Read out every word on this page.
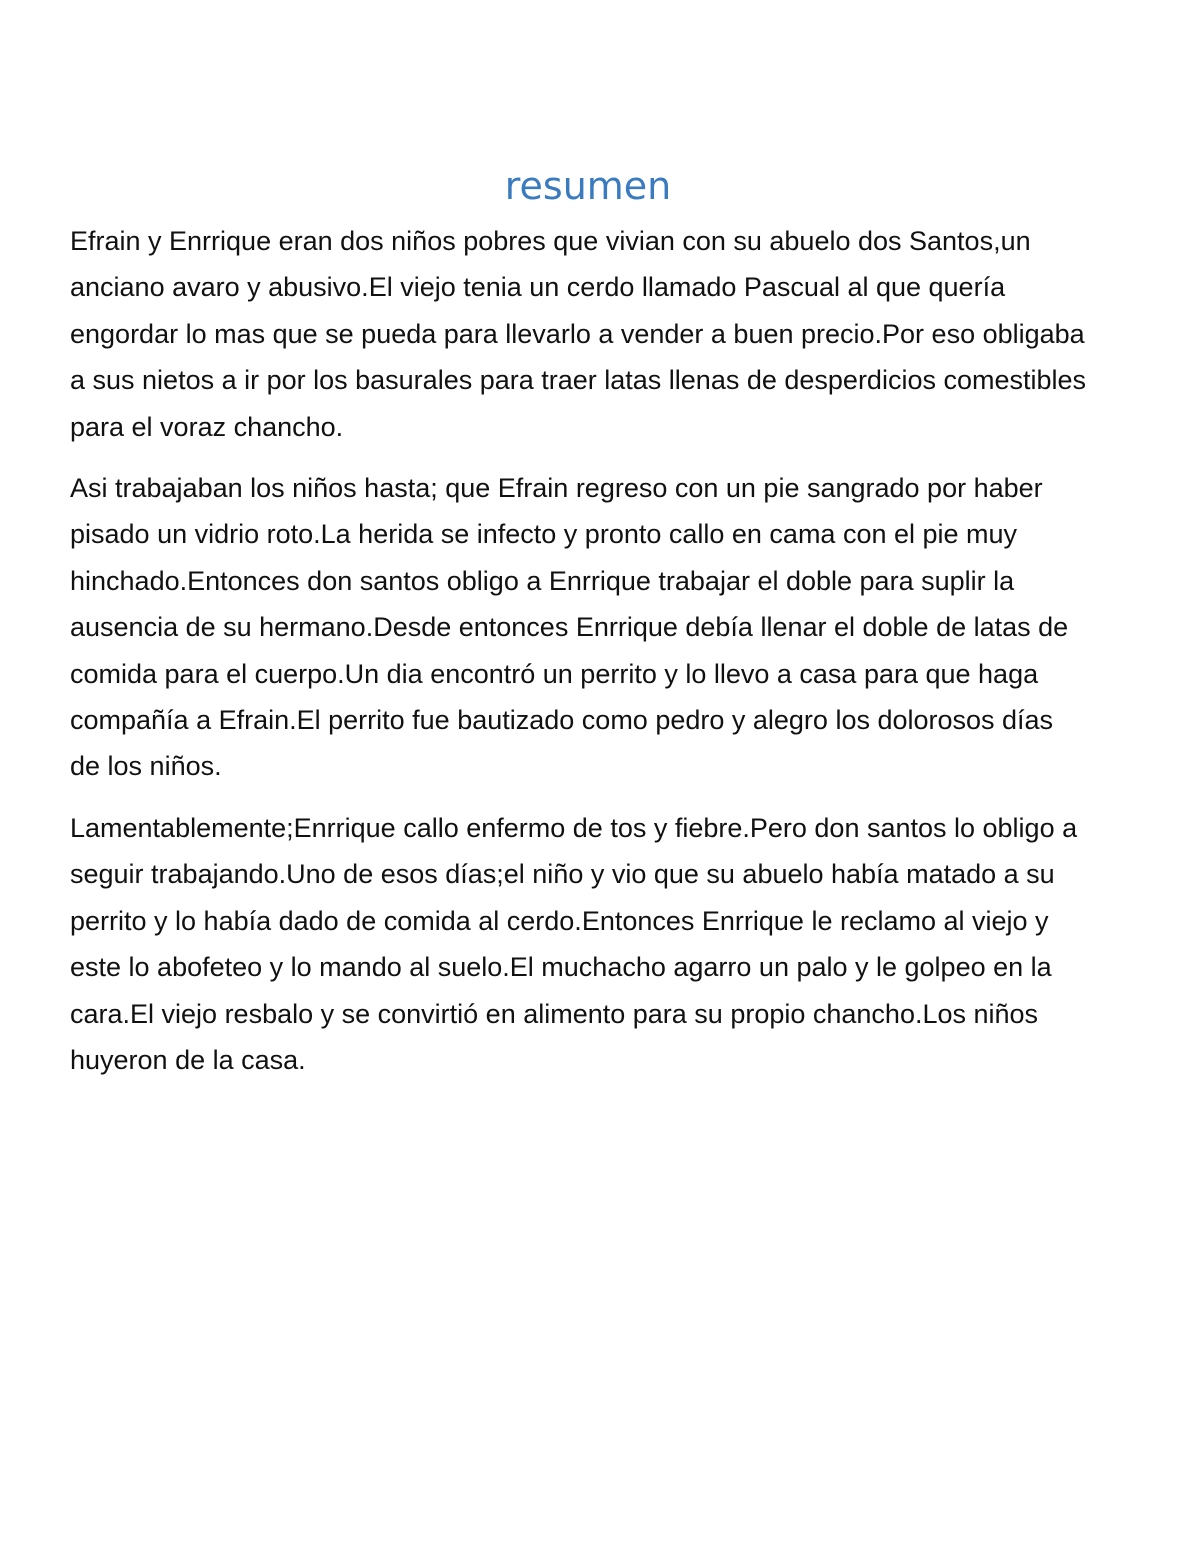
resumen

Efrain y Enrrique eran dos niños pobres que vivian con su abuelo dos Santos,un anciano avaro y abusivo.El viejo tenia un cerdo llamado Pascual al que quería engordar lo mas que se pueda para llevarlo a vender a buen precio.Por eso obligaba a sus nietos a ir por los basurales para traer latas llenas de desperdicios comestibles para el voraz chancho.

Asi trabajaban los niños hasta; que Efrain regreso con un pie sangrado por haber pisado un vidrio roto.La herida se infecto y pronto callo en cama con el pie muy hinchado.Entonces don santos obligo a Enrrique trabajar el doble para suplir la ausencia de su hermano.Desde entonces Enrrique debía llenar el doble de latas de comida para el cuerpo.Un dia encontró un perrito y lo llevo a casa para que haga compañía a Efrain.El perrito fue bautizado como pedro y alegro los dolorosos días de los niños.

Lamentablemente;Enrrique callo enfermo de tos y fiebre.Pero don santos lo obligo a seguir trabajando.Uno de esos días;el niño y vio que su abuelo había matado a su perrito y lo había dado de comida al cerdo.Entonces Enrrique le reclamo al viejo y este lo abofeteo y lo mando al suelo.El muchacho agarro un palo y le golpeo en la cara.El viejo resbalo y se convirtió en alimento para su propio chancho.Los niños huyeron de la casa.
